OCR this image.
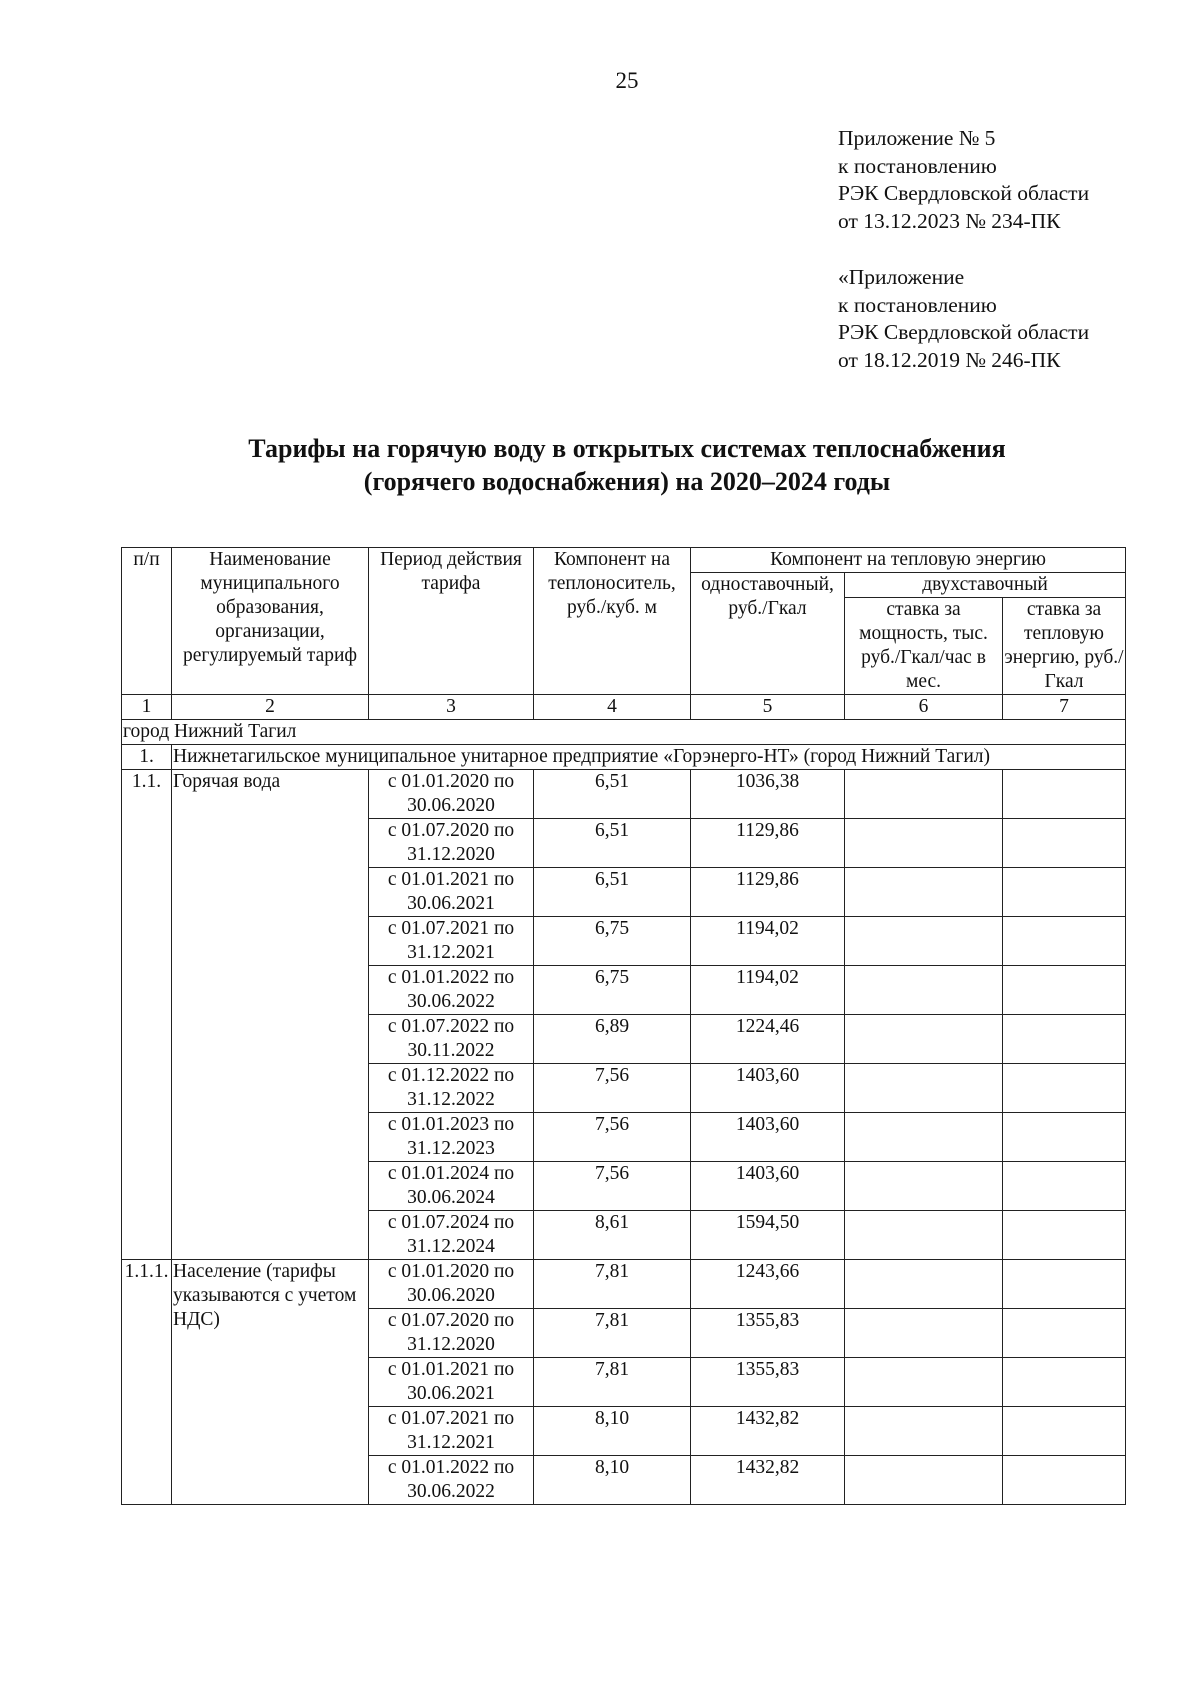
25
Приложение № 5
к постановлению
РЭК Свердловской области
от 13.12.2023 № 234-ПК
«Приложение
к постановлению
РЭК Свердловской области
от 18.12.2019 № 246-ПК
Тарифы на горячую воду в открытых системах теплоснабжения
(горячего водоснабжения) на 2020–2024 годы
п/п	Наименование муниципального образования, организации, регулируемый тариф	Период действия тарифа	Компонент на теплоноситель, руб./куб. м	Компонент на тепловую энергию		
				одноставочный, руб./Гкал	двухставочный	
					ставка за мощность, тыс. руб./Гкал/час в мес.	ставка за тепловую энергию, руб./Гкал
1	2	3	4	5	6	7
город Нижний Тагил						
1.	Нижнетагильское муниципальное унитарное предприятие «Горэнерго-НТ» (город Нижний Тагил)					
1.1.	Горячая вода	с 01.01.2020 по 30.06.2020	6,51	1036,38		
		с 01.07.2020 по 31.12.2020	6,51	1129,86		
		с 01.01.2021 по 30.06.2021	6,51	1129,86		
		с 01.07.2021 по 31.12.2021	6,75	1194,02		
		с 01.01.2022 по 30.06.2022	6,75	1194,02		
		с 01.07.2022 по 30.11.2022	6,89	1224,46		
		с 01.12.2022 по 31.12.2022	7,56	1403,60		
		с 01.01.2023 по 31.12.2023	7,56	1403,60		
		с 01.01.2024 по 30.06.2024	7,56	1403,60		
		с 01.07.2024 по 31.12.2024	8,61	1594,50		
1.1.1.	Население (тарифы указываются с учетом НДС)	с 01.01.2020 по 30.06.2020	7,81	1243,66		
		с 01.07.2020 по 31.12.2020	7,81	1355,83		
		с 01.01.2021 по 30.06.2021	7,81	1355,83		
		с 01.07.2021 по 31.12.2021	8,10	1432,82		
		с 01.01.2022 по 30.06.2022	8,10	1432,82		
